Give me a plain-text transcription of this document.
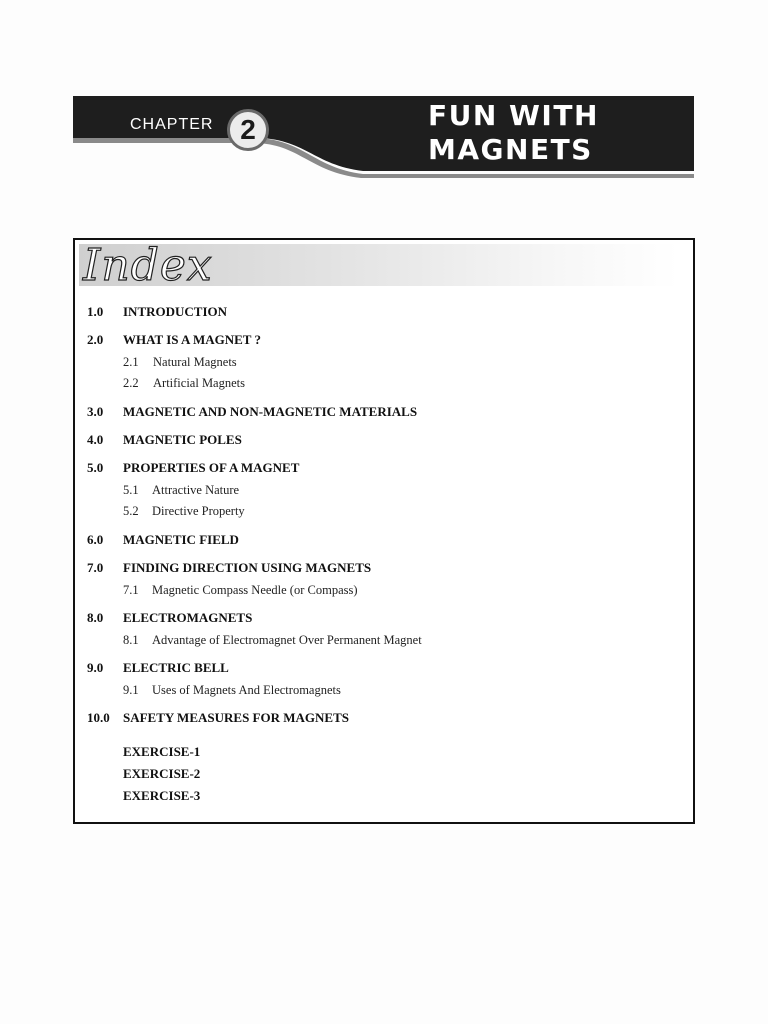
CHAPTER 2	FUN WITH
MAGNETS
Index
1.0 INTRODUCTION
2.0 WHAT IS A MAGNET ?
2.1 Natural Magnets
2.2 Artificial Magnets
3.0 MAGNETIC AND NON-MAGNETIC MATERIALS
4.0 MAGNETIC POLES
5.0 PROPERTIES OF A MAGNET
5.1 Attractive Nature
5.2 Directive Property
6.0 MAGNETIC FIELD
7.0 FINDING DIRECTION USING MAGNETS
7.1 Magnetic Compass Needle (or Compass)
8.0 ELECTROMAGNETS
8.1 Advantage of Electromagnet Over Permanent Magnet
9.0 ELECTRIC BELL
9.1 Uses of Magnets And Electromagnets
10.0 SAFETY MEASURES FOR MAGNETS
EXERCISE-1
EXERCISE-2
EXERCISE-3
